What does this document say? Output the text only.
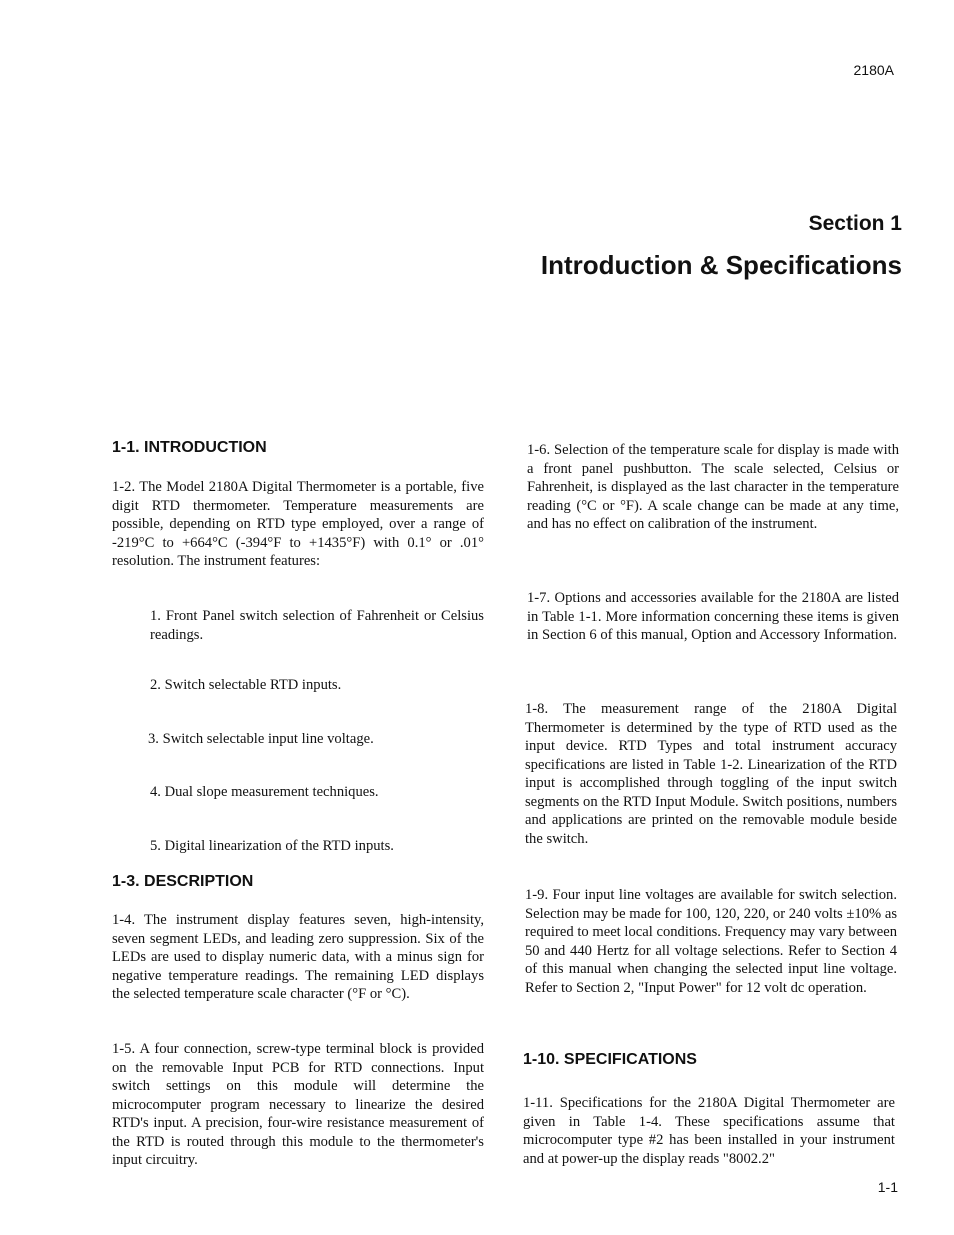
2180A
Section 1
Introduction & Specifications
1-1. INTRODUCTION

1-2. The Model 2180A Digital Thermometer is a portable, five digit RTD thermometer. Temperature measurements are possible, depending on RTD type employed, over a range of -219°C to +664°C (-394°F to +1435°F) with 0.1° or .01° resolution. The instrument features:

1. Front Panel switch selection of Fahrenheit or Celsius readings.
2. Switch selectable RTD inputs.
3. Switch selectable input line voltage.
4. Dual slope measurement techniques.
5. Digital linearization of the RTD inputs.
1-3. DESCRIPTION

1-4. The instrument display features seven, high-intensity, seven segment LEDs, and leading zero suppression. Six of the LEDs are used to display numeric data, with a minus sign for negative temperature readings. The remaining LED displays the selected temperature scale character (°F or °C).

1-5. A four connection, screw-type terminal block is provided on the removable Input PCB for RTD connections. Input switch settings on this module will determine the microcomputer program necessary to linearize the desired RTD's input. A precision, four-wire resistance measurement of the RTD is routed through this module to the thermometer's input circuitry.

1-6. Selection of the temperature scale for display is made with a front panel pushbutton. The scale selected, Celsius or Fahrenheit, is displayed as the last character in the temperature reading (°C or °F). A scale change can be made at any time, and has no effect on calibration of the instrument.

1-7. Options and accessories available for the 2180A are listed in Table 1-1. More information concerning these items is given in Section 6 of this manual, Option and Accessory Information.

1-8. The measurement range of the 2180A Digital Thermometer is determined by the type of RTD used as the input device. RTD Types and total instrument accuracy specifications are listed in Table 1-2. Linearization of the RTD input is accomplished through toggling of the input switch segments on the RTD Input Module. Switch positions, numbers and applications are printed on the removable module beside the switch.

1-9. Four input line voltages are available for switch selection. Selection may be made for 100, 120, 220, or 240 volts ±10% as required to meet local conditions. Frequency may vary between 50 and 440 Hertz for all voltage selections. Refer to Section 4 of this manual when changing the selected input line voltage. Refer to Section 2, "Input Power" for 12 volt dc operation.

1-10. SPECIFICATIONS

1-11. Specifications for the 2180A Digital Thermometer are given in Table 1-4. These specifications assume that microcomputer type #2 has been installed in your instrument and at power-up the display reads "8002.2"

1-1
